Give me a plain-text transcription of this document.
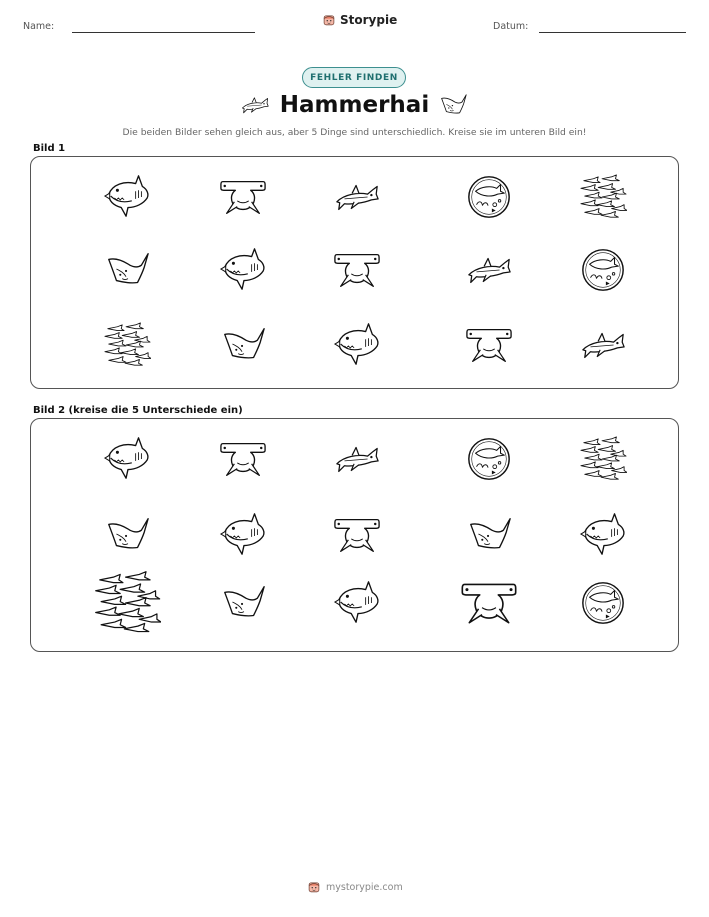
Name:	Storypie	Datum:
FEHLER FINDEN
Hammerhai
Die beiden Bilder sehen gleich aus, aber 5 Dinge sind unterschiedlich. Kreise sie im unteren Bild ein!
Bild 1
Bild 2 (kreise die 5 Unterschiede ein)
mystorypie.com
